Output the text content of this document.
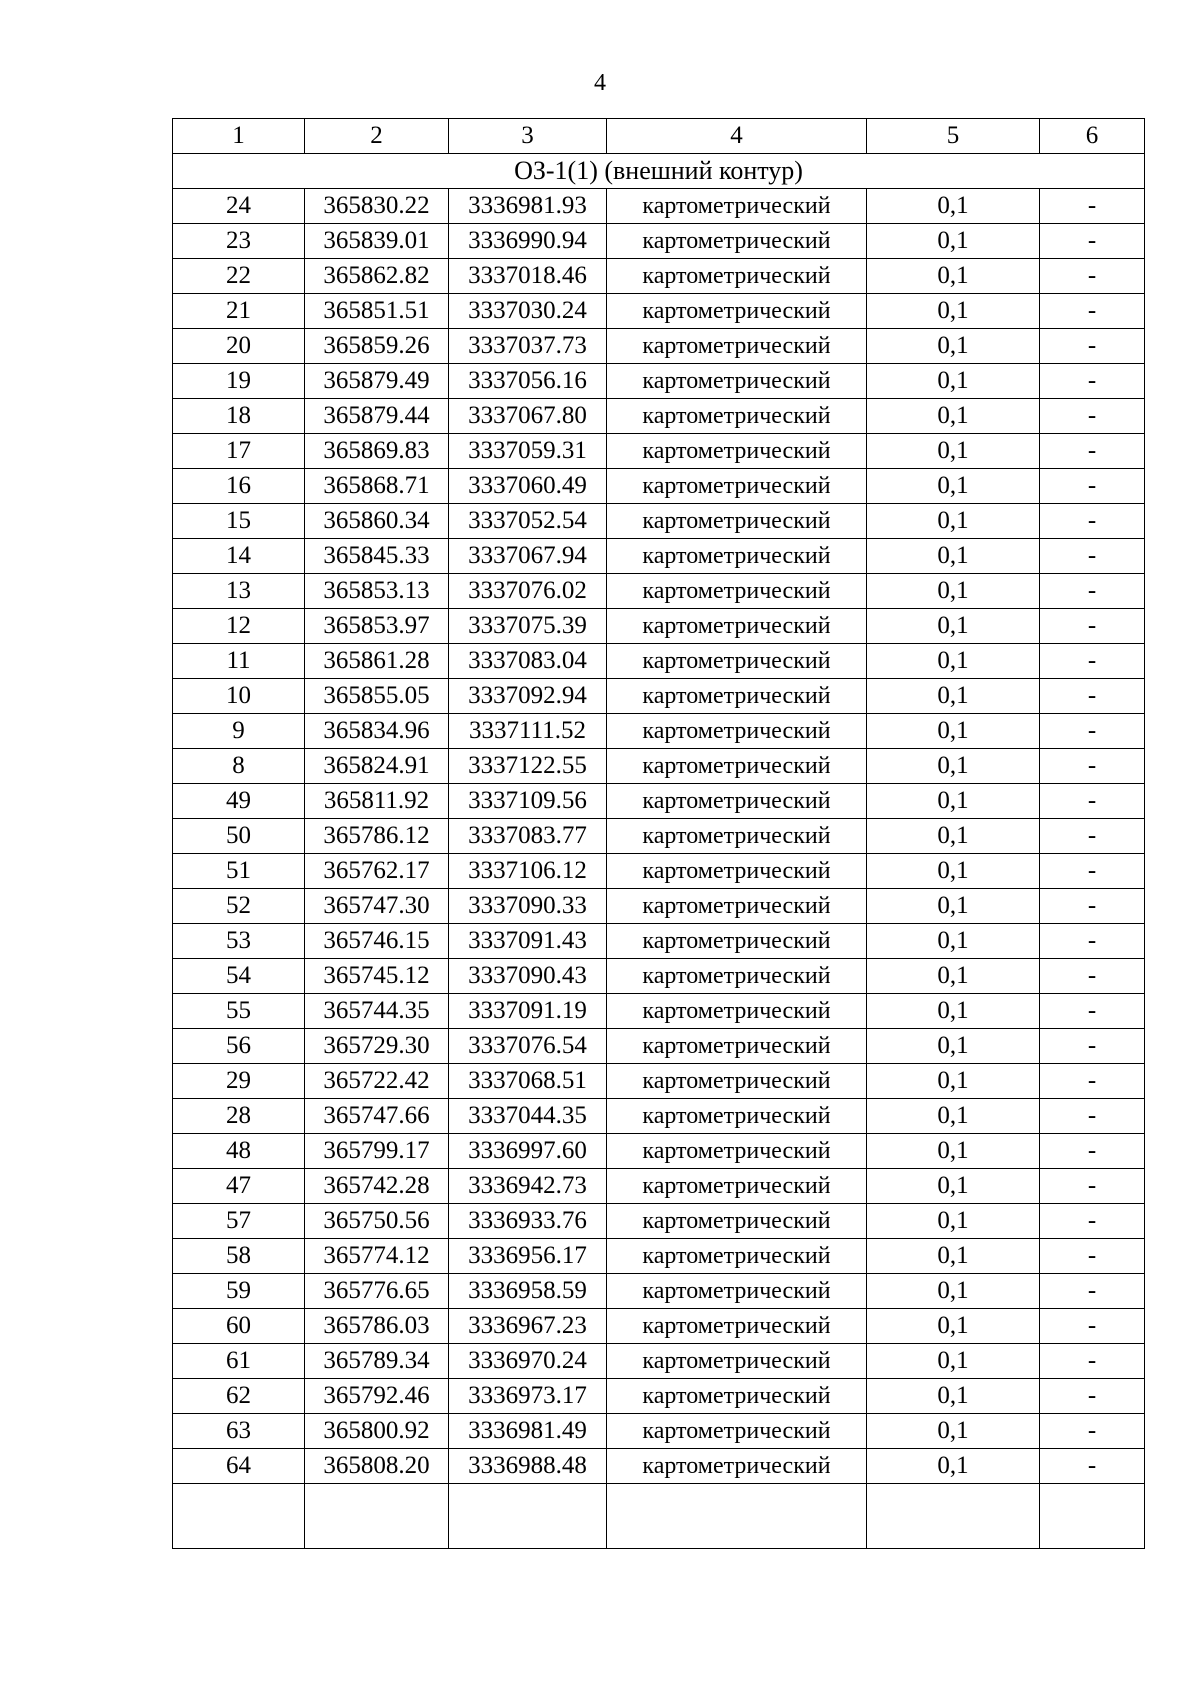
4
1	2	3	4	5	6
ОЗ-1(1) (внешний контур)					
24	365830.22	3336981.93	картометрический	0,1	-
23	365839.01	3336990.94	картометрический	0,1	-
22	365862.82	3337018.46	картометрический	0,1	-
21	365851.51	3337030.24	картометрический	0,1	-
20	365859.26	3337037.73	картометрический	0,1	-
19	365879.49	3337056.16	картометрический	0,1	-
18	365879.44	3337067.80	картометрический	0,1	-
17	365869.83	3337059.31	картометрический	0,1	-
16	365868.71	3337060.49	картометрический	0,1	-
15	365860.34	3337052.54	картометрический	0,1	-
14	365845.33	3337067.94	картометрический	0,1	-
13	365853.13	3337076.02	картометрический	0,1	-
12	365853.97	3337075.39	картометрический	0,1	-
11	365861.28	3337083.04	картометрический	0,1	-
10	365855.05	3337092.94	картометрический	0,1	-
9	365834.96	3337111.52	картометрический	0,1	-
8	365824.91	3337122.55	картометрический	0,1	-
49	365811.92	3337109.56	картометрический	0,1	-
50	365786.12	3337083.77	картометрический	0,1	-
51	365762.17	3337106.12	картометрический	0,1	-
52	365747.30	3337090.33	картометрический	0,1	-
53	365746.15	3337091.43	картометрический	0,1	-
54	365745.12	3337090.43	картометрический	0,1	-
55	365744.35	3337091.19	картометрический	0,1	-
56	365729.30	3337076.54	картометрический	0,1	-
29	365722.42	3337068.51	картометрический	0,1	-
28	365747.66	3337044.35	картометрический	0,1	-
48	365799.17	3336997.60	картометрический	0,1	-
47	365742.28	3336942.73	картометрический	0,1	-
57	365750.56	3336933.76	картометрический	0,1	-
58	365774.12	3336956.17	картометрический	0,1	-
59	365776.65	3336958.59	картометрический	0,1	-
60	365786.03	3336967.23	картометрический	0,1	-
61	365789.34	3336970.24	картометрический	0,1	-
62	365792.46	3336973.17	картометрический	0,1	-
63	365800.92	3336981.49	картометрический	0,1	-
64	365808.20	3336988.48	картометрический	0,1	-
